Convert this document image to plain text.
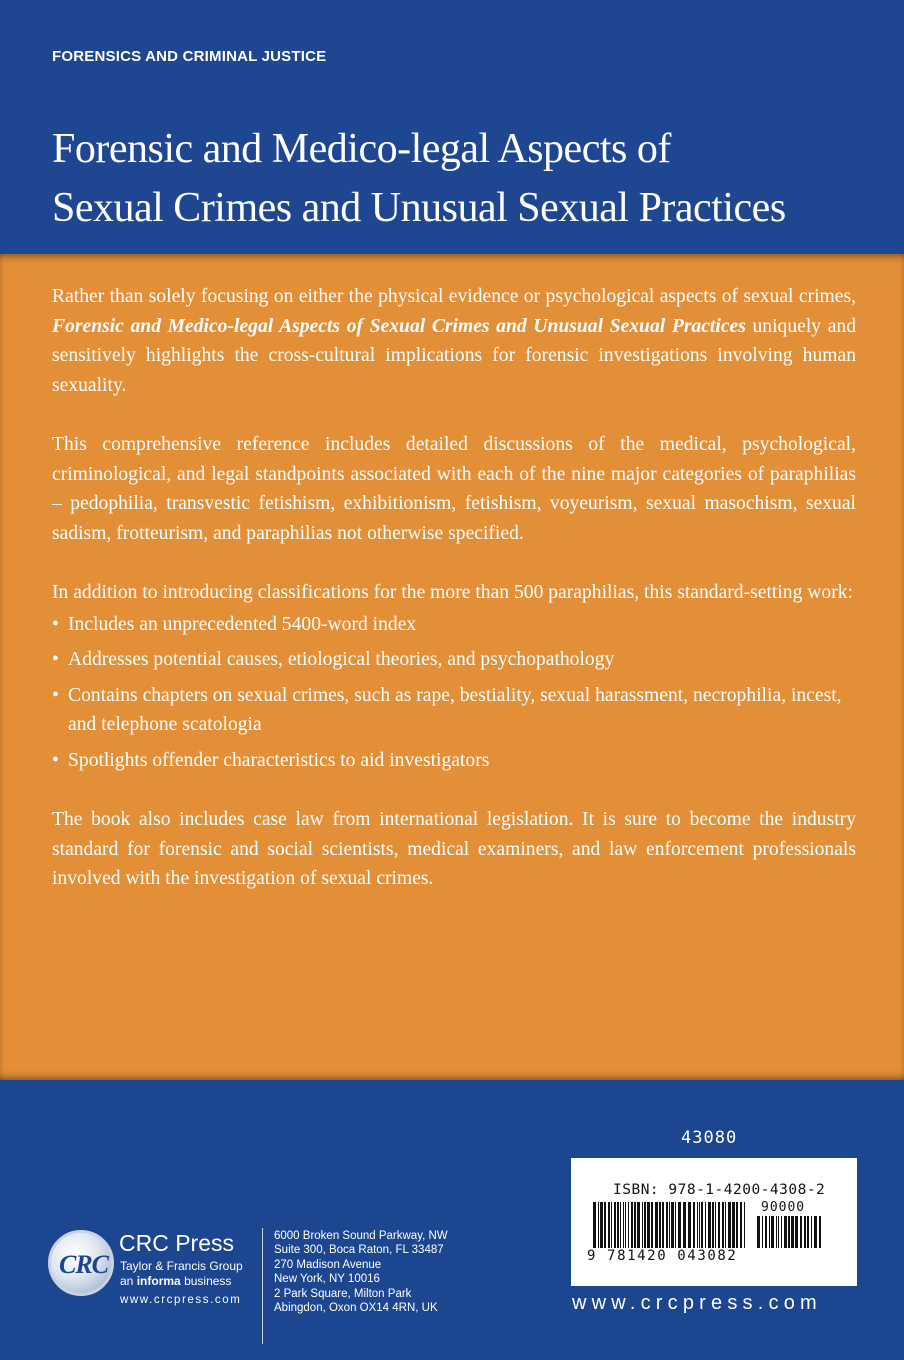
FORENSICS AND CRIMINAL JUSTICE
Forensic and Medico-legal Aspects of
Sexual Crimes and Unusual Sexual Practices

Rather than solely focusing on either the physical evidence or psychological aspects of sexual crimes, Forensic and Medico-legal Aspects of Sexual Crimes and Unusual Sexual Practices uniquely and sensitively highlights the cross-cultural implications for forensic investigations involving human sexuality.

This comprehensive reference includes detailed discussions of the medical, psychological, criminological, and legal standpoints associated with each of the nine major categories of paraphilias – pedophilia, transvestic fetishism, exhibitionism, fetishism, voyeurism, sexual masochism, sexual sadism, frotteurism, and paraphilias not otherwise specified.

In addition to introducing classifications for the more than 500 paraphilias, this standard-setting work:

• Includes an unprecedented 5400-word index
• Addresses potential causes, etiological theories, and psychopathology
• Contains chapters on sexual crimes, such as rape, bestiality, sexual harassment, necrophilia, incest, and telephone scatologia
• Spotlights offender characteristics to aid investigators

The book also includes case law from international legislation. It is sure to become the industry standard for forensic and social scientists, medical examiners, and law enforcement professionals involved with the investigation of sexual crimes.

CRC
CRC Press
Taylor & Francis Group
an informa business
www.crcpress.com
6000 Broken Sound Parkway, NW
Suite 300, Boca Raton, FL 33487
270 Madison Avenue
New York, NY 10016
2 Park Square, Milton Park
Abingdon, Oxon OX14 4RN, UK
43080
ISBN: 978-1-4200-4308-2
90000
9 781420 043082
www.crcpress.com
